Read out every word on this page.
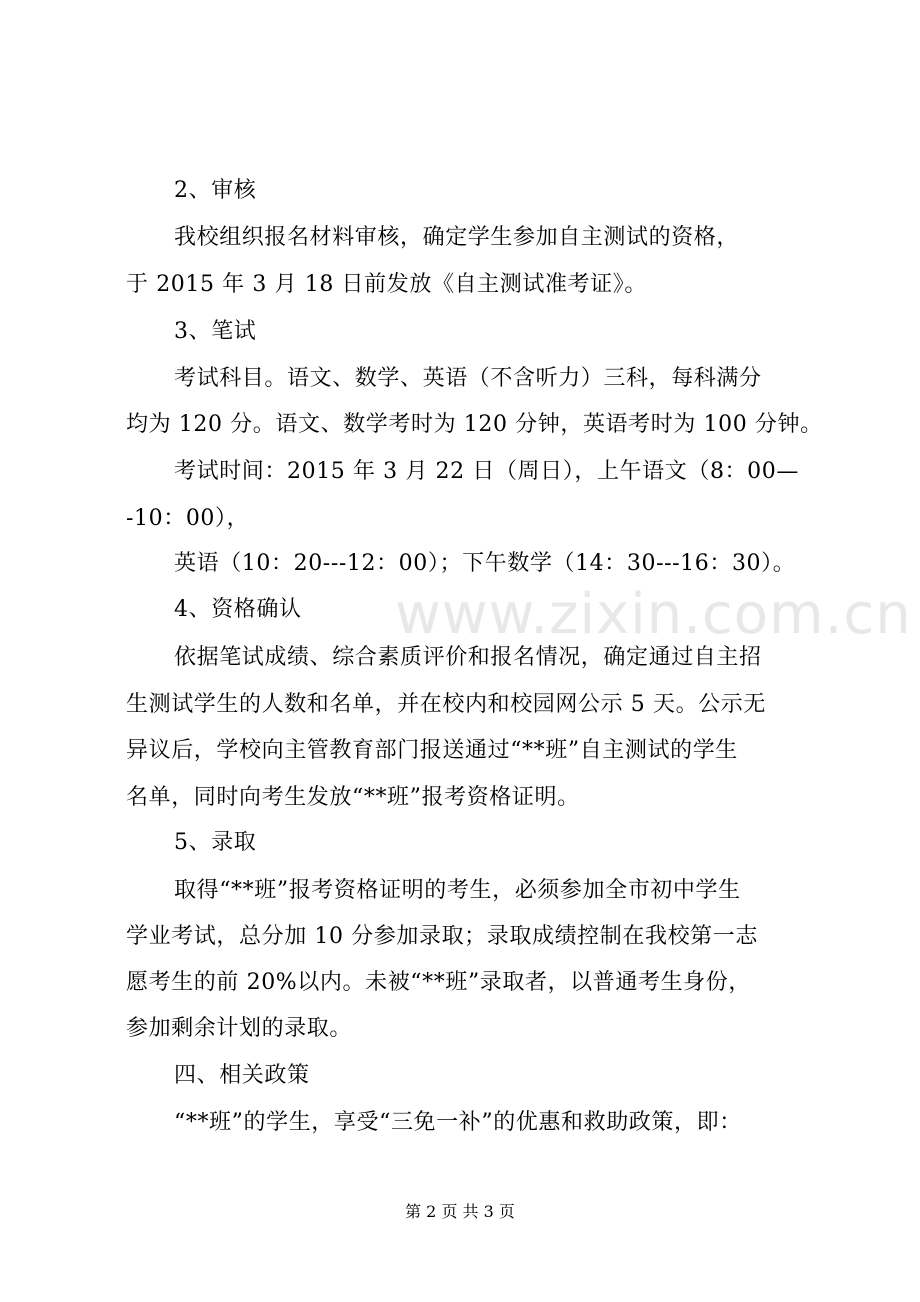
www.zixin.com.cn
2、审核
我校组织报名材料审核，确定学生参加自主测试的资格，
于 2015 年 3 月 18 日前发放《自主测试准考证》。
3、笔试
考试科目。语文、数学、英语（不含听力）三科，每科满分
均为 120 分。语文、数学考时为 120 分钟，英语考时为 100 分钟。
考试时间：2015 年 3 月 22 日（周日），上午语文（8：00—
-10：00），
英语（10：20---12：00）；下午数学（14：30---16：30）。
4、资格确认
依据笔试成绩、综合素质评价和报名情况，确定通过自主招
生测试学生的人数和名单，并在校内和校园网公示 5 天。公示无
异议后，学校向主管教育部门报送通过“**班”自主测试的学生
名单，同时向考生发放“**班”报考资格证明。
5、录取
取得“**班”报考资格证明的考生，必须参加全市初中学生
学业考试，总分加 10 分参加录取；录取成绩控制在我校第一志
愿考生的前 20%以内。未被“**班”录取者，以普通考生身份，
参加剩余计划的录取。
四、相关政策
“**班”的学生，享受“三免一补”的优惠和救助政策，即：
第 2 页 共 3 页
